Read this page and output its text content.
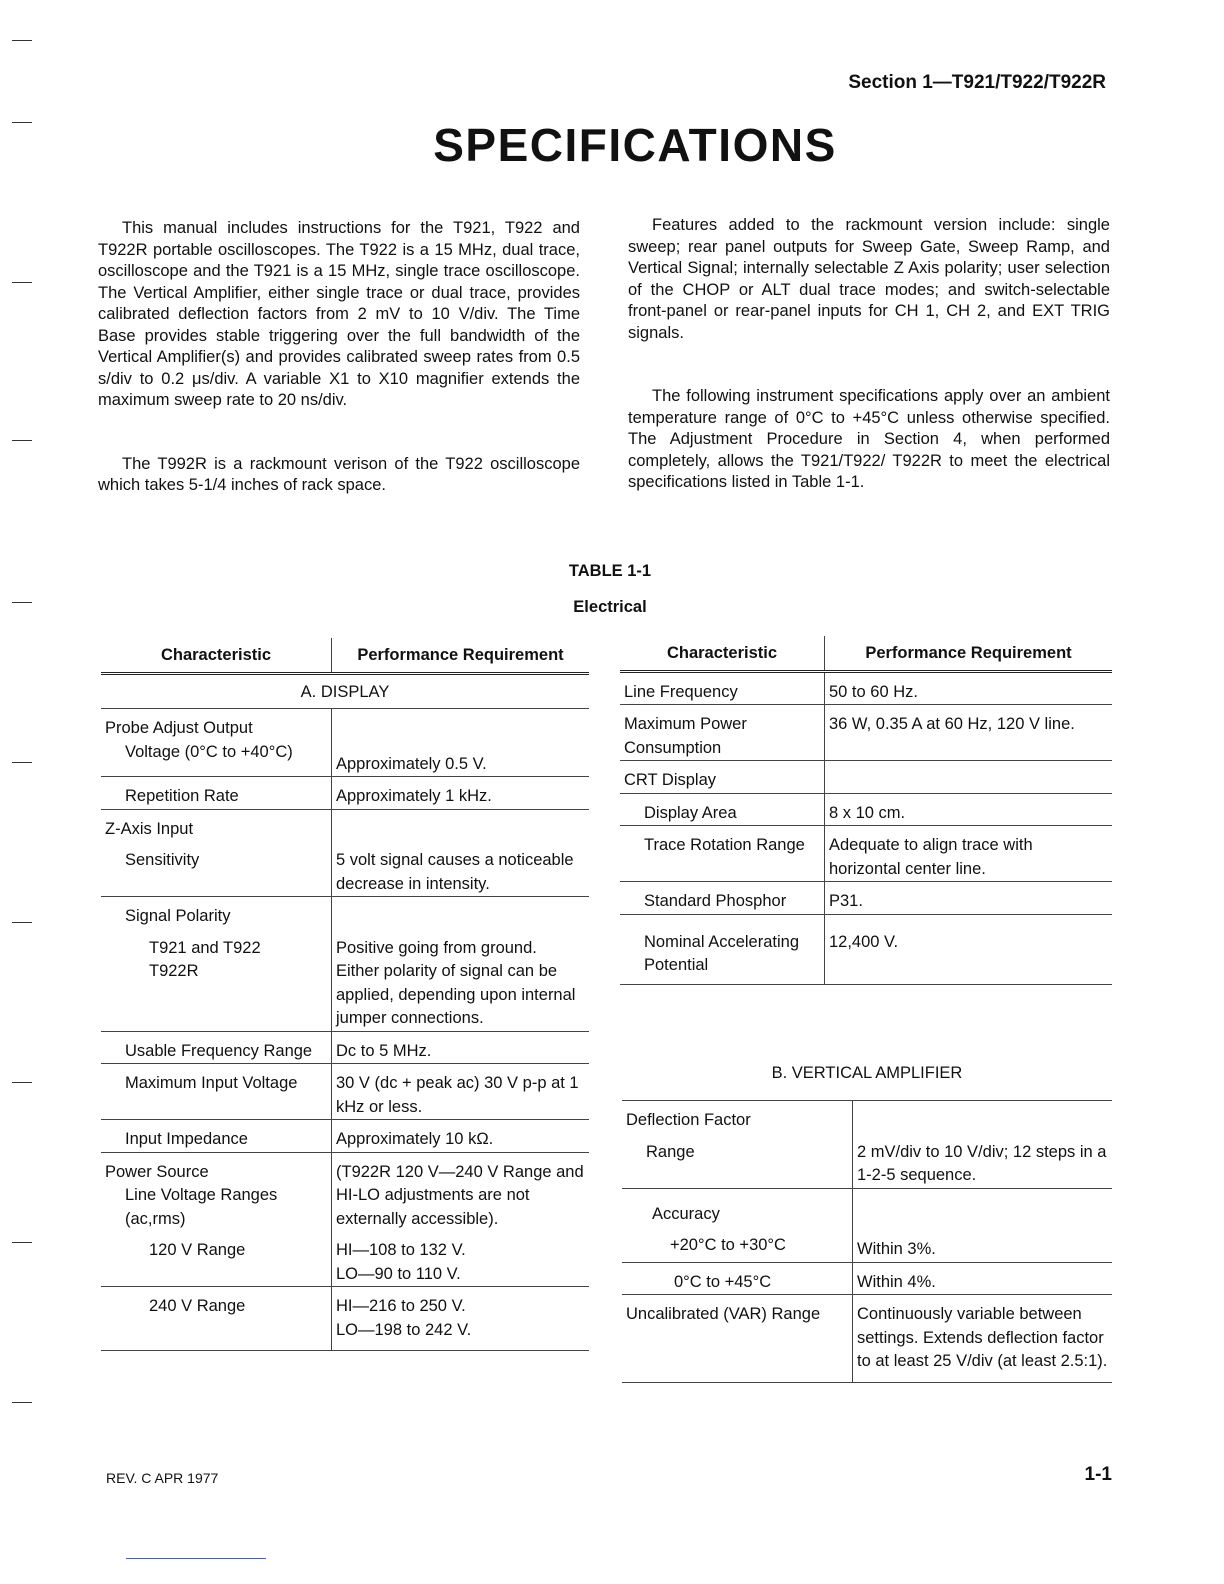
Section 1—T921/T922/T922R
SPECIFICATIONS

This manual includes instructions for the T921, T922 and T922R portable oscilloscopes. The T922 is a 15 MHz, dual trace, oscilloscope and the T921 is a 15 MHz, single trace oscilloscope. The Vertical Amplifier, either single trace or dual trace, provides calibrated deflection factors from 2 mV to 10 V/div. The Time Base provides stable triggering over the full bandwidth of the Vertical Amplifier(s) and provides calibrated sweep rates from 0.5 s/div to 0.2 μs/div. A variable X1 to X10 magnifier extends the maximum sweep rate to 20 ns/div.

The T992R is a rackmount verison of the T922 oscilloscope which takes 5-1/4 inches of rack space.

Features added to the rackmount version include: single sweep; rear panel outputs for Sweep Gate, Sweep Ramp, and Vertical Signal; internally selectable Z Axis polarity; user selection of the CHOP or ALT dual trace modes; and switch-selectable front-panel or rear-panel inputs for CH 1, CH 2, and EXT TRIG signals.

The following instrument specifications apply over an ambient temperature range of 0°C to +45°C unless otherwise specified. The Adjustment Procedure in Section 4, when performed completely, allows the T921/T922/ T922R to meet the electrical specifications listed in Table 1-1.

TABLE 1-1
Electrical
Characteristic	Performance Requirement
A. DISPLAY	
Probe Adjust Output	
Voltage (0°C to +40°C)	Approximately 0.5 V.
Repetition Rate	Approximately 1 kHz.
Z-Axis Input	
Sensitivity	5 volt signal causes a noticeable decrease in intensity.
Signal Polarity	
T921 and T922	Positive going from ground.
T922R	Either polarity of signal can be applied, depending upon internal jumper connections.
Usable Frequency Range	Dc to 5 MHz.
Maximum Input Voltage	30 V (dc + peak ac) 30 V p-p at 1 kHz or less.
Input Impedance	Approximately 10 kΩ.
Power Source	(T922R 120 V—240 V Range and HI-LO adjustments are not externally accessible).
Line Voltage Ranges (ac,rms)	
120 V Range	HI—108 to 132 V.
	LO—90 to 110 V.
240 V Range	HI—216 to 250 V.
	LO—198 to 242 V.
Characteristic	Performance Requirement
Line Frequency	50 to 60 Hz.
Maximum Power Consumption	36 W, 0.35 A at 60 Hz, 120 V line.
CRT Display	
Display Area	8 x 10 cm.
Trace Rotation Range	Adequate to align trace with horizontal center line.
Standard Phosphor	P31.
Nominal Accelerating Potential	12,400 V.
B. VERTICAL AMPLIFIER
Deflection Factor	
Range	2 mV/div to 10 V/div; 12 steps in a 1-2-5 sequence.
Accuracy	
+20°C to +30°C	Within 3%.
0°C to +45°C	Within 4%.
Uncalibrated (VAR) Range	Continuously variable between settings. Extends deflection factor to at least 25 V/div (at least 2.5:1).
REV. C APR 1977	1-1
